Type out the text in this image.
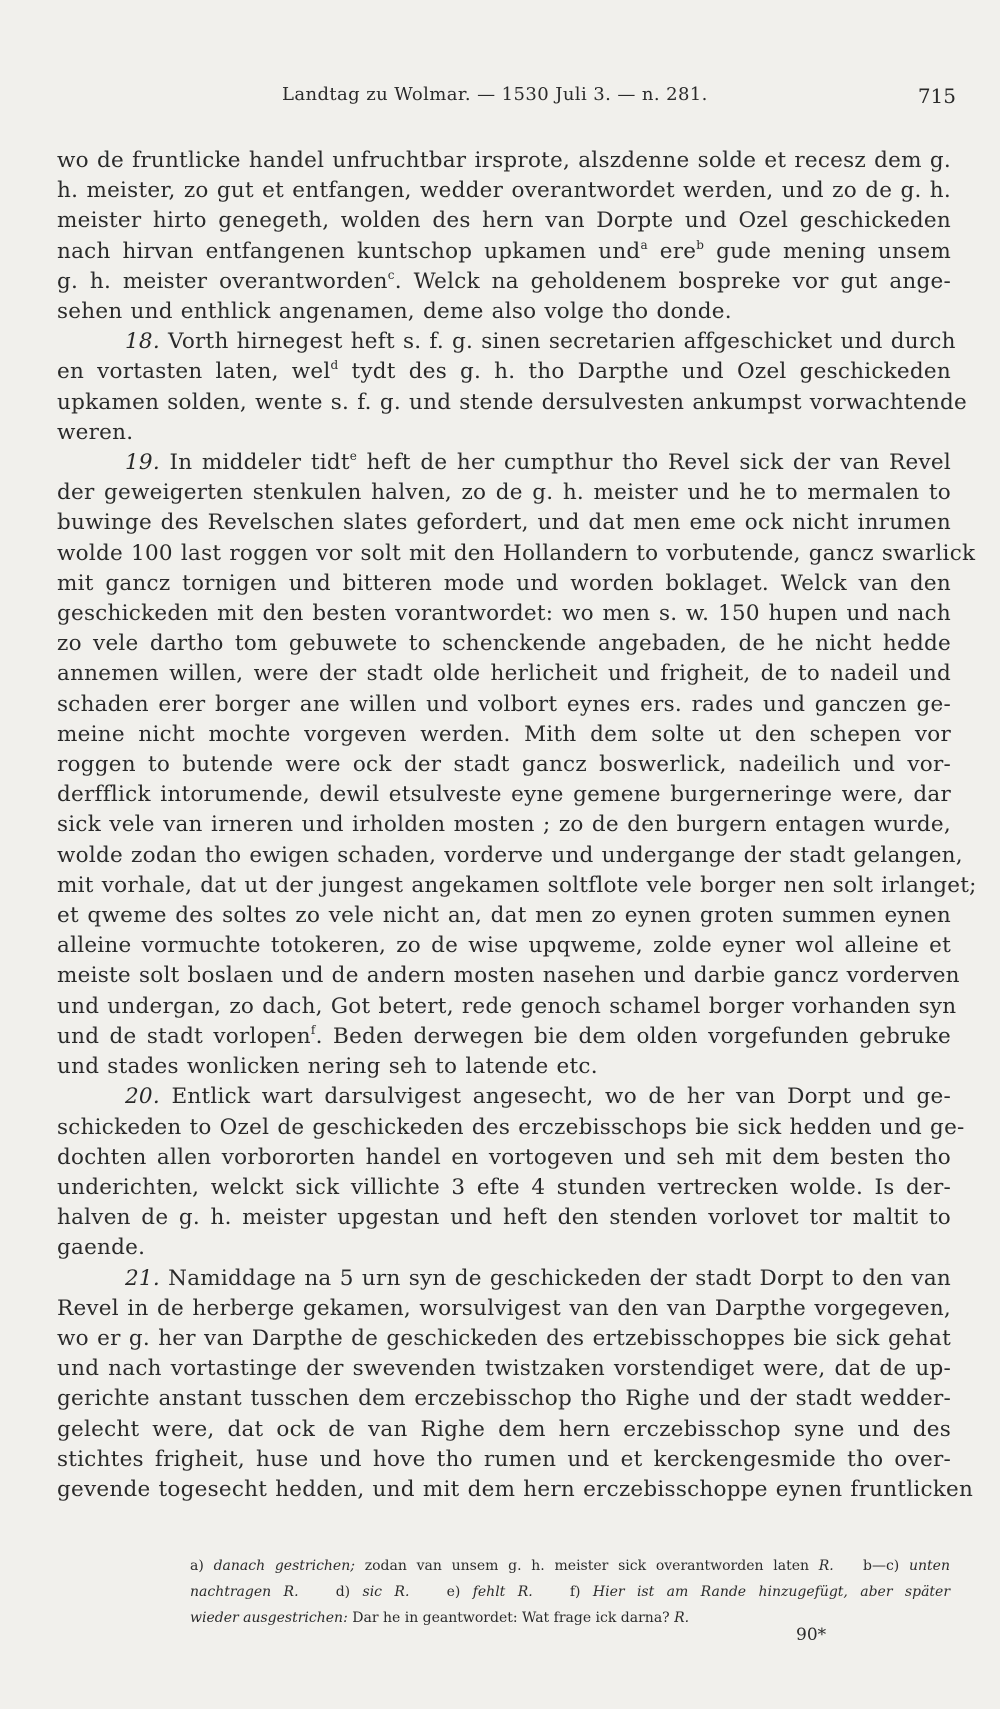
Landtag zu Wolmar. — 1530 Juli 3. — n. 281.	715
wo de fruntlicke handel unfruchtbar irsprote, alszdenne solde et recesz dem g.
h. meister, zo gut et entfangen, wedder overantwordet werden, und zo de g. h.
meister hirto genegeth, wolden des hern van Dorpte und Ozel geschickeden
nach hirvan entfangenen kuntschop upkamen und$^a$ ere$^b$ gude mening unsem
g. h. meister overantworden$^c$. Welck na geholdenem bospreke vor gut ange-
sehen und enthlick angenamen, deme also volge tho donde.
18. Vorth hirnegest heft s. f. g. sinen secretarien affgeschicket und durch
en vortasten laten, wel$^d$ tydt des g. h. tho Darpthe und Ozel geschickeden
upkamen solden, wente s. f. g. und stende dersulvesten ankumpst vorwachtende
weren.
19. In middeler tidt$^e$ heft de her cumpthur tho Revel sick der van Revel
der geweigerten stenkulen halven, zo de g. h. meister und he to mermalen to
buwinge des Revelschen slates gefordert, und dat men eme ock nicht inrumen
wolde 100 last roggen vor solt mit den Hollandern to vorbutende, gancz swarlick
mit gancz tornigen und bitteren mode und worden boklaget. Welck van den
geschickeden mit den besten vorantwordet: wo men s. w. 150 hupen und nach
zo vele dartho tom gebuwete to schenckende angebaden, de he nicht hedde
annemen willen, were der stadt olde herlicheit und frigheit, de to nadeil und
schaden erer borger ane willen und volbort eynes ers. rades und ganczen ge-
meine nicht mochte vorgeven werden. Mith dem solte ut den schepen vor
roggen to butende were ock der stadt gancz boswerlick, nadeilich und vor-
derfflick intorumende, dewil etsulveste eyne gemene burgerneringe were, dar
sick vele van irneren und irholden mosten ; zo de den burgern entagen wurde,
wolde zodan tho ewigen schaden, vorderve und undergange der stadt gelangen,
mit vorhale, dat ut der jungest angekamen soltflote vele borger nen solt irlanget;
et qweme des soltes zo vele nicht an, dat men zo eynen groten summen eynen
alleine vormuchte totokeren, zo de wise upqweme, zolde eyner wol alleine et
meiste solt boslaen und de andern mosten nasehen und darbie gancz vorderven
und undergan, zo dach, Got betert, rede genoch schamel borger vorhanden syn
und de stadt vorlopen$^f$. Beden derwegen bie dem olden vorgefunden gebruke
und stades wonlicken nering seh to latende etc.
20. Entlick wart darsulvigest angesecht, wo de her van Dorpt und ge-
schickeden to Ozel de geschickeden des erczebisschops bie sick hedden und ge-
dochten allen vorbororten handel en vortogeven und seh mit dem besten tho
underichten, welckt sick villichte 3 efte 4 stunden vertrecken wolde. Is der-
halven de g. h. meister upgestan und heft den stenden vorlovet tor maltit to
gaende.
21. Namiddage na 5 urn syn de geschickeden der stadt Dorpt to den van
Revel in de herberge gekamen, worsulvigest van den van Darpthe vorgegeven,
wo er g. her van Darpthe de geschickeden des ertzebisschoppes bie sick gehat
und nach vortastinge der swevenden twistzaken vorstendiget were, dat de up-
gerichte anstant tusschen dem erczebisschop tho Righe und der stadt wedder-
gelecht were, dat ock de van Righe dem hern erczebisschop syne und des
stichtes frigheit, huse und hove tho rumen und et kerckengesmide tho over-
gevende togesecht hedden, und mit dem hern erczebisschoppe eynen fruntlicken
a) danach gestrichen; zodan van unsem g. h. meister sick overantworden laten R. b—c) unten
nachtragen R.	d) sic R.	e) fehlt R.	f) Hier ist am Rande hinzugefügt, aber später
wieder ausgestrichen: Dar he in geantwordet: Wat frage ick darna? R.
90*
